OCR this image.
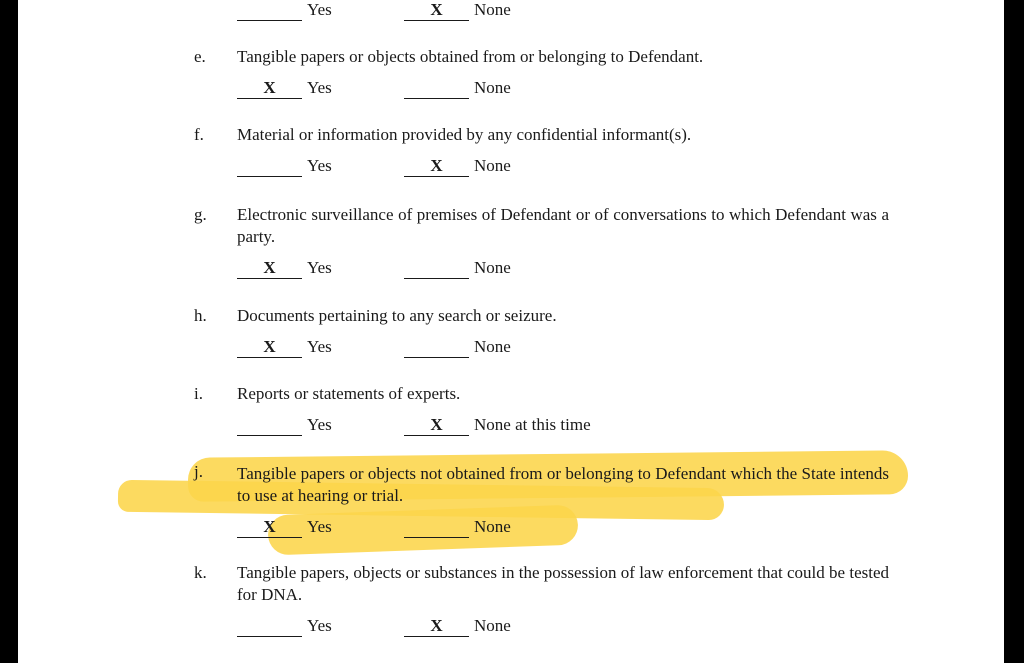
Yes	X	None
e. Tangible papers or objects obtained from or belonging to Defendant.
X	Yes	None
f. Material or information provided by any confidential informant(s).
Yes	X	None
g. Electronic surveillance of premises of Defendant or of conversations to which Defendant was a party.
X	Yes	None
h. Documents pertaining to any search or seizure.
X	Yes	None
i. Reports or statements of experts.
Yes	X	None at this time
j. Tangible papers or objects not obtained from or belonging to Defendant which the State intends to use at hearing or trial.
X	Yes	None
k. Tangible papers, objects or substances in the possession of law enforcement that could be tested for DNA.
Yes	X	None
